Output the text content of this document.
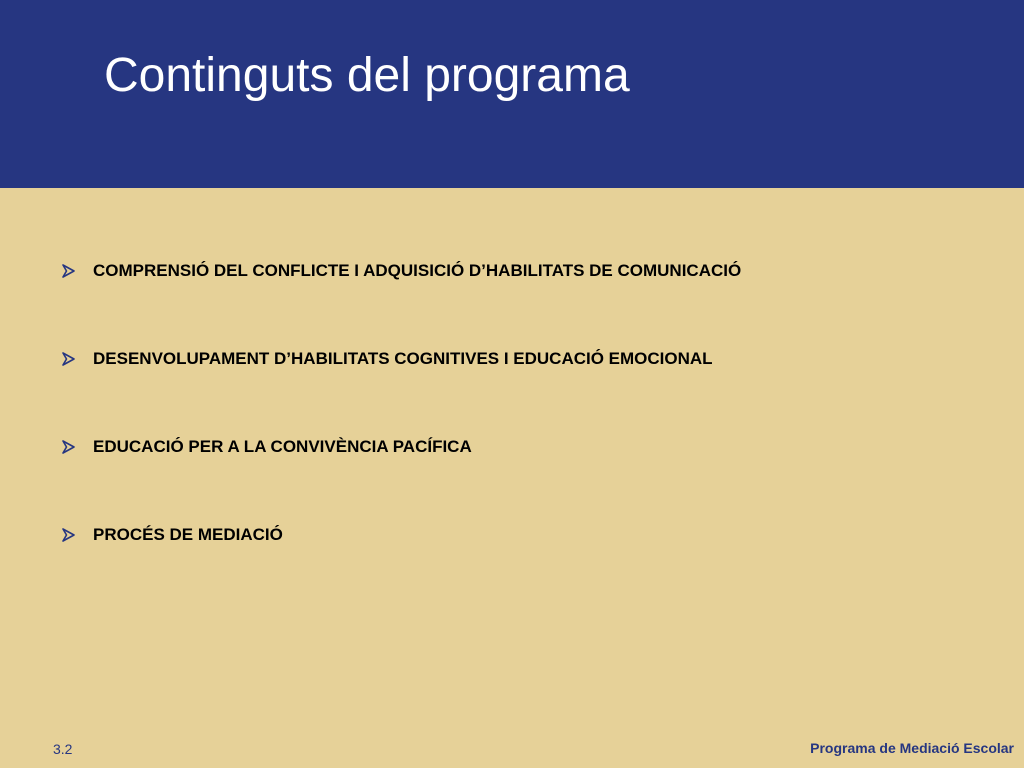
Continguts del programa
COMPRENSIÓ DEL CONFLICTE I ADQUISICIÓ D’HABILITATS DE COMUNICACIÓ
DESENVOLUPAMENT D’HABILITATS COGNITIVES I EDUCACIÓ EMOCIONAL
EDUCACIÓ PER A LA CONVIVÈNCIA PACÍFICA
PROCÉS DE MEDIACIÓ
3.2	Programa de Mediació Escolar
